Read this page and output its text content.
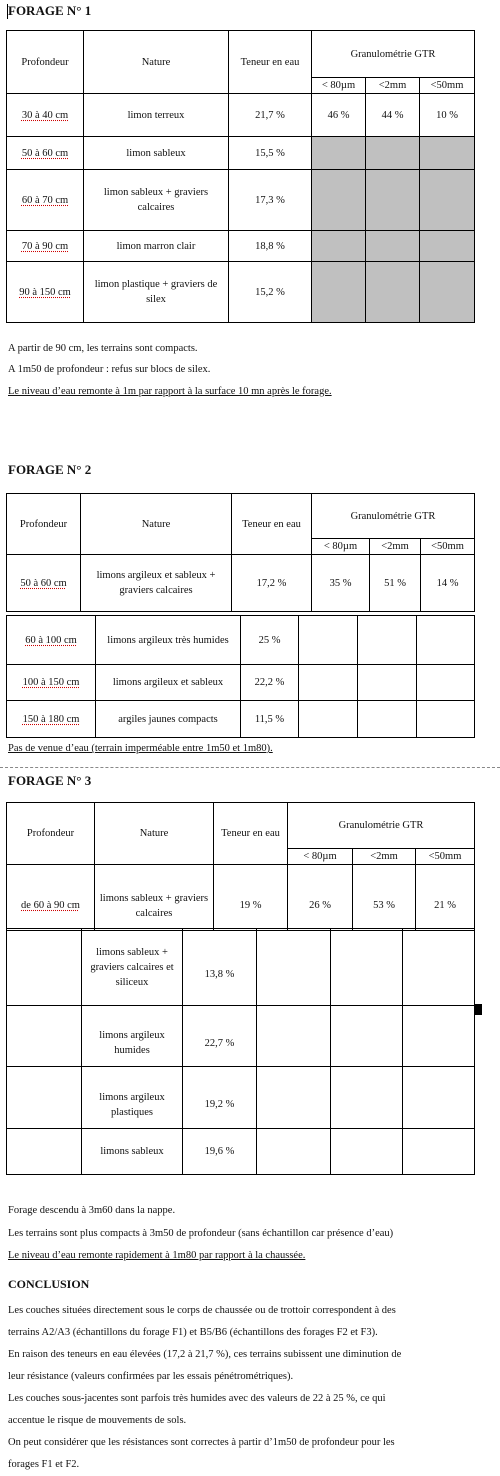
FORAGE N° 1
Profondeur	Nature	Teneur en eau	Granulométrie GTR		
			< 80µm	<2mm	<50mm
30 à 40 cm	limon terreux	21,7 %	46 %	44 %	10 %
50 à 60 cm	limon sableux	15,5 %			
60 à 70 cm	limon sableux + graviers calcaires	17,3 %			
70 à 90 cm	limon marron clair	18,8 %			
90 à 150 cm	limon plastique + graviers de silex	15,2 %			
A partir de 90 cm, les terrains sont compacts.
A 1m50 de profondeur : refus sur blocs de silex.
Le niveau d’eau remonte à 1m par rapport à la surface 10 mn après le forage.
FORAGE N° 2
Profondeur	Nature	Teneur en eau	Granulométrie GTR		
			< 80µm	<2mm	<50mm
50 à 60 cm	limons argileux et sableux + graviers calcaires	17,2 %	35 %	51 %	14 %
60 à 100 cm	limons argileux très humides	25 %			
100 à 150 cm	limons argileux et sableux	22,2 %			
150 à 180 cm	argiles jaunes compacts	11,5 %			
Pas de venue d’eau (terrain imperméable entre 1m50 et 1m80).
FORAGE N° 3
Profondeur	Nature	Teneur en eau	Granulométrie GTR		
			< 80µm	<2mm	<50mm
de 60 à 90 cm	limons sableux + graviers calcaires	19 %	26 %	53 %	21 %
	limons sableux + graviers calcaires et siliceux	13,8 %			
	limons argileux humides	22,7 %			
	limons argileux plastiques	19,2 %			
	limons sableux	19,6 %			
Forage descendu à 3m60 dans la nappe.
Les terrains sont plus compacts à 3m50 de profondeur (sans échantillon car présence d’eau)
Le niveau d’eau remonte rapidement à 1m80 par rapport à la chaussée.
CONCLUSION
Les couches situées directement sous le corps de chaussée ou de trottoir correspondent à des
terrains A2/A3 (échantillons du forage F1) et B5/B6 (échantillons des forages F2 et F3).
En raison des teneurs en eau élevées (17,2 à 21,7 %), ces terrains subissent une diminution de
leur résistance (valeurs confirmées par les essais pénétrométriques).
Les couches sous-jacentes sont parfois très humides avec des valeurs de 22 à 25 %, ce qui
accentue le risque de mouvements de sols.
On peut considérer que les résistances sont correctes à partir d’1m50 de profondeur pour les
forages F1 et F2.
